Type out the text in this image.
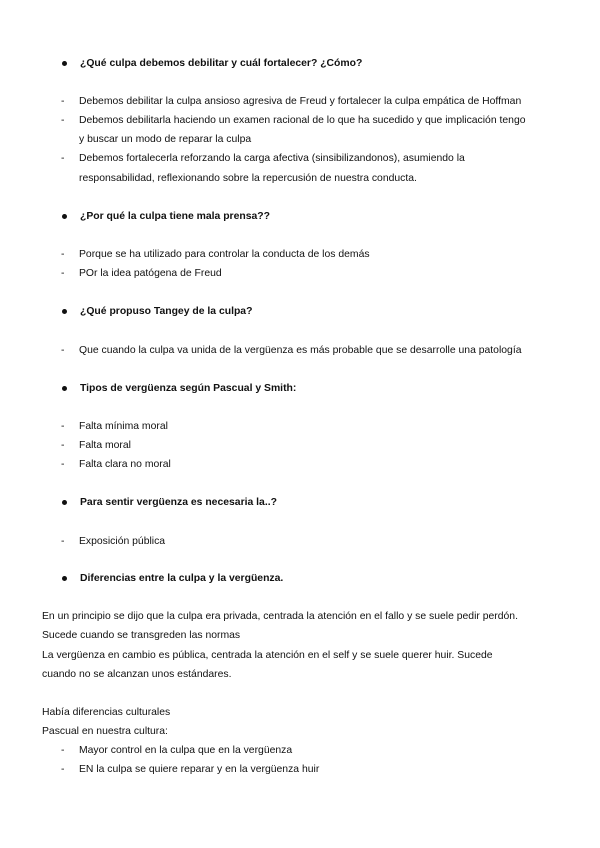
¿Qué culpa debemos debilitar y cuál fortalecer? ¿Cómo?
- Debemos debilitar la culpa ansioso agresiva de Freud y fortalecer la culpa empática de Hoffman
- Debemos debilitarla haciendo un examen racional de lo que ha sucedido y que implicación tengo
y buscar un modo de reparar la culpa
- Debemos fortalecerla reforzando la carga afectiva (sinsibilizandonos), asumiendo la
responsabilidad, reflexionando sobre la repercusión de nuestra conducta.
¿Por qué la culpa tiene mala prensa??
- Porque se ha utilizado para controlar la conducta de los demás
- POr la idea patógena de Freud
¿Qué propuso Tangey de la culpa?
- Que cuando la culpa va unida de la vergüenza es más probable que se desarrolle una patología
Tipos de vergüenza según Pascual y Smith:
- Falta mínima moral
- Falta moral
- Falta clara no moral
Para sentir vergüenza es necesaria la..?
- Exposición pública
Diferencias entre la culpa y la vergüenza.
En un principio se dijo que la culpa era privada, centrada la atención en el fallo y se suele pedir perdón.
Sucede cuando se transgreden las normas
La vergüenza en cambio es pública, centrada la atención en el self y se suele querer huir. Sucede
cuando no se alcanzan unos estándares.
Había diferencias culturales
Pascual en nuestra cultura:
- Mayor control en la culpa que en la vergüenza
- EN la culpa se quiere reparar y en la vergüenza huir
